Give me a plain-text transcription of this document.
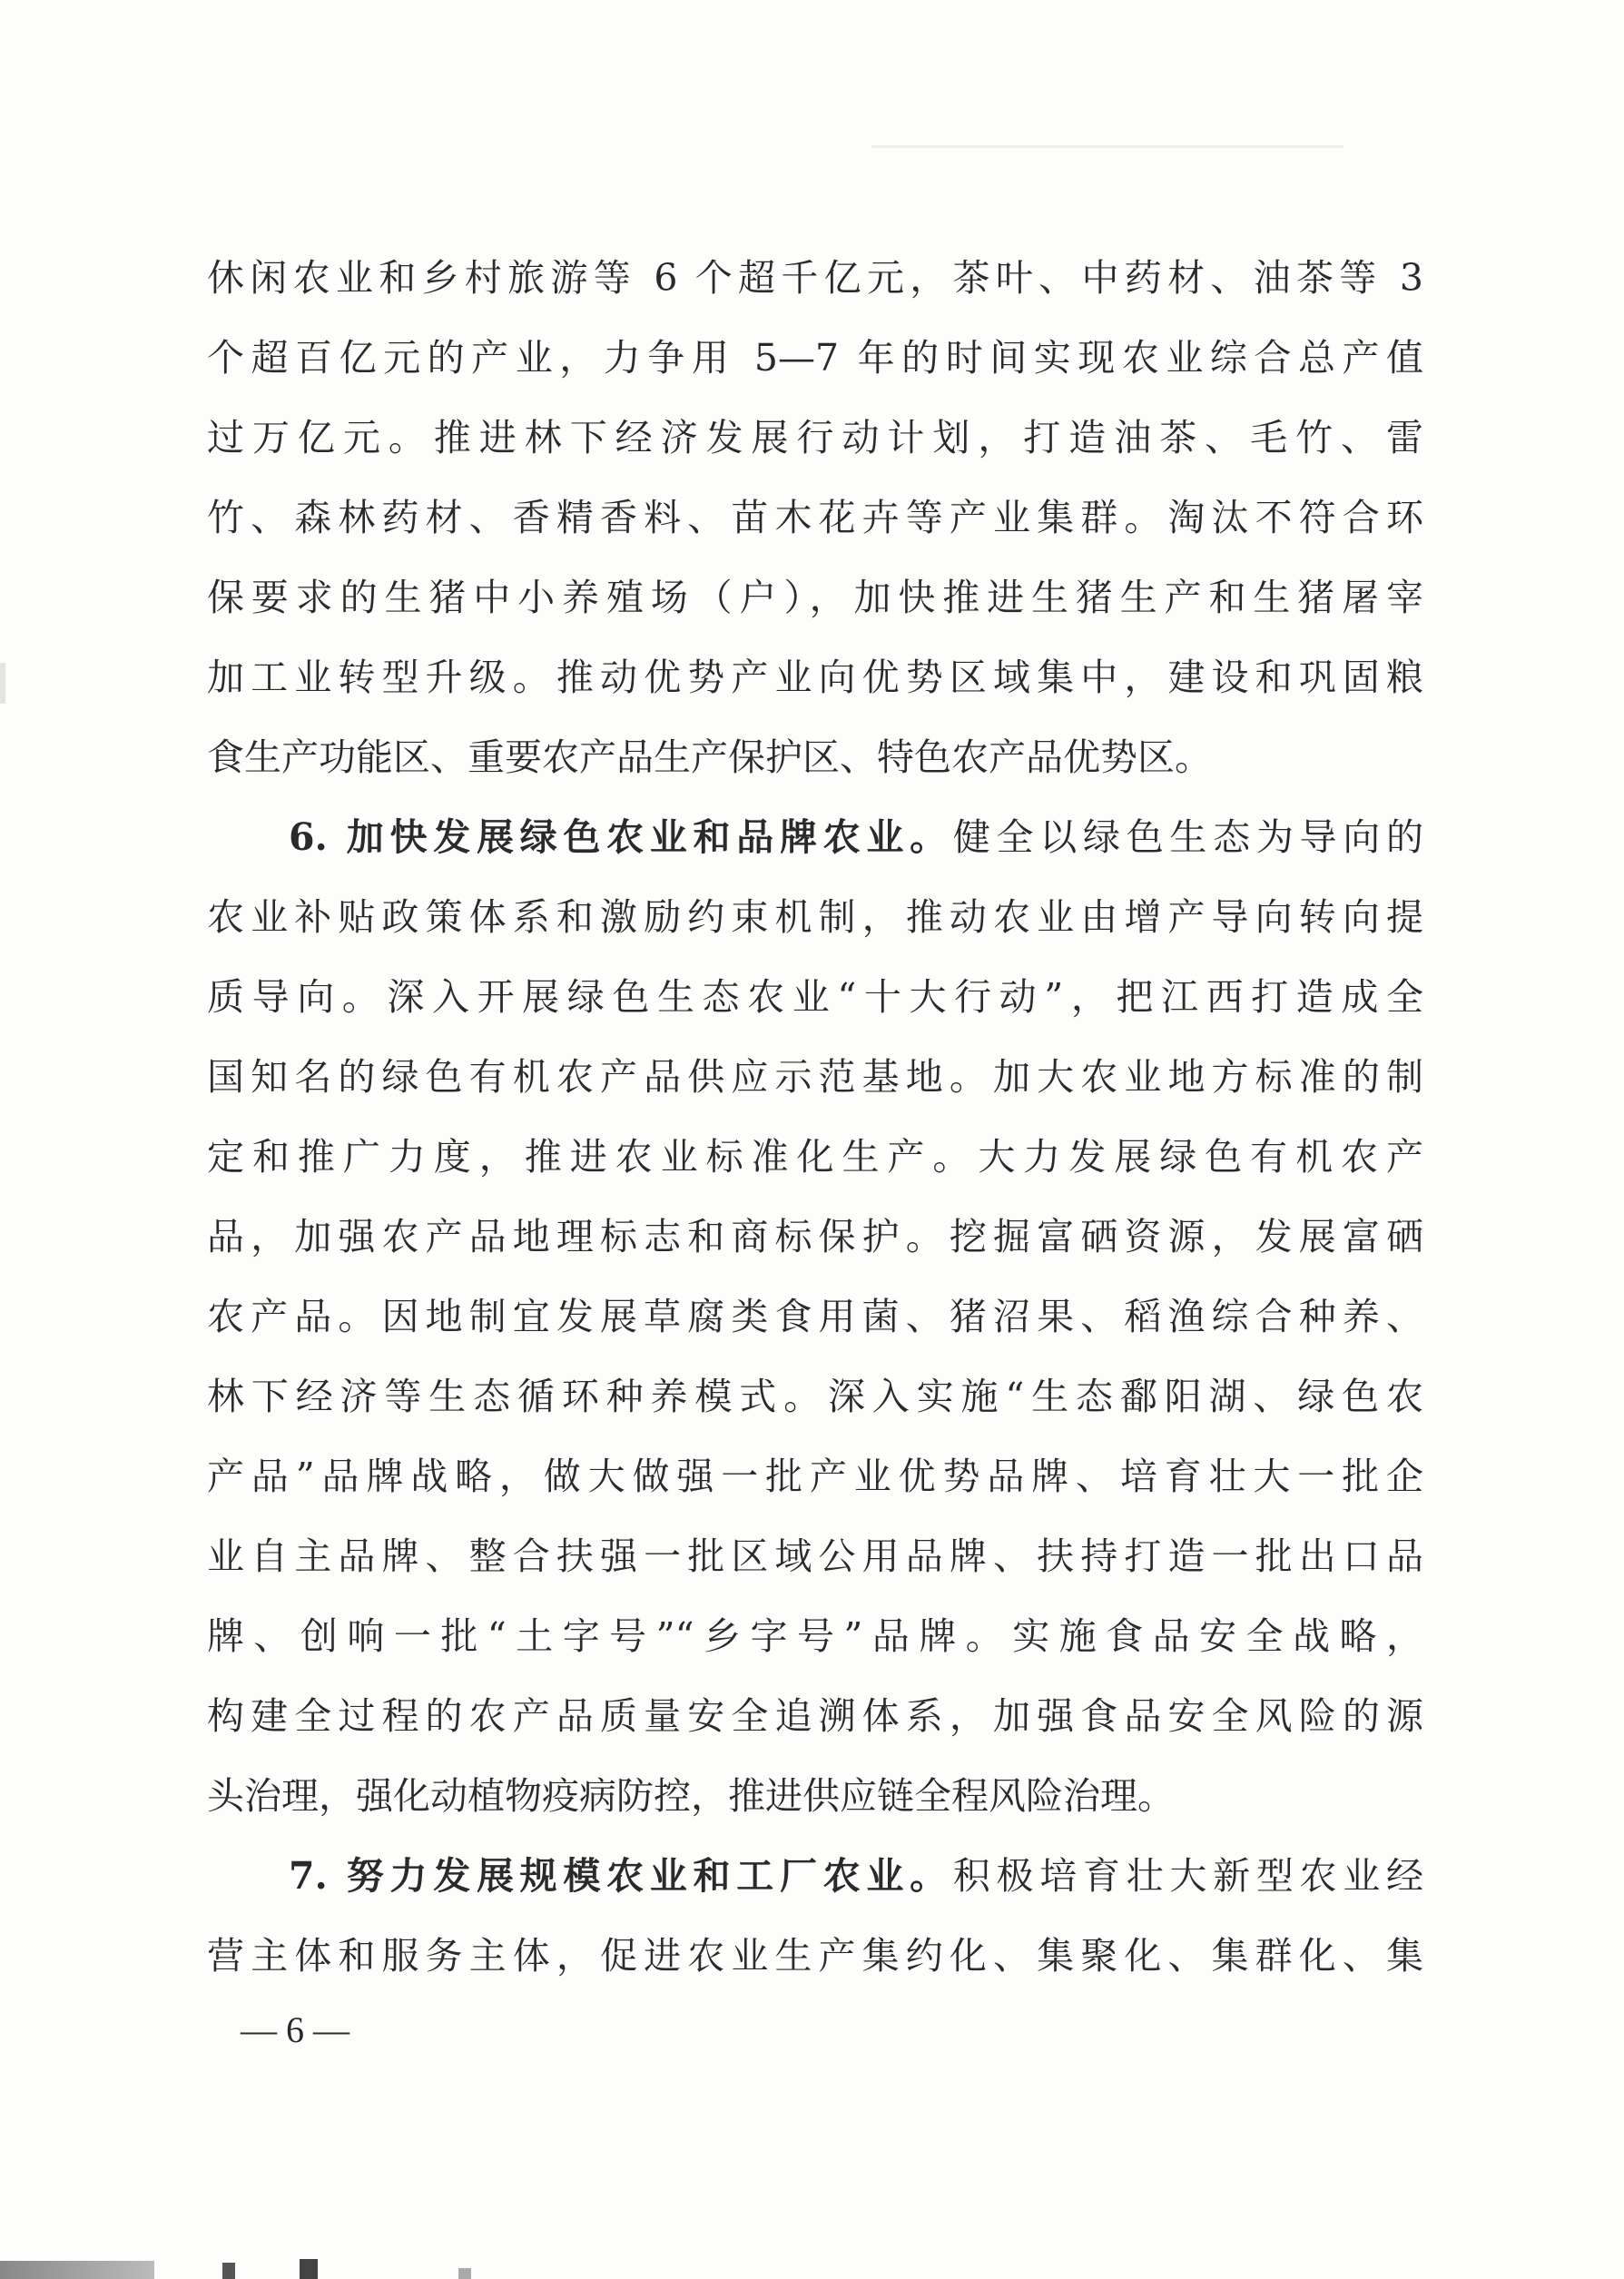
休闲农业和乡村旅游等 6 个超千亿元，茶叶、中药材、油茶等 3
个超百亿元的产业，力争用 5—7 年的时间实现农业综合总产值
过万亿元。推进林下经济发展行动计划，打造油茶、毛竹、雷
竹、森林药材、香精香料、苗木花卉等产业集群。淘汰不符合环
保要求的生猪中小养殖场（户），加快推进生猪生产和生猪屠宰
加工业转型升级。推动优势产业向优势区域集中，建设和巩固粮
食生产功能区、重要农产品生产保护区、特色农产品优势区。
6. 加快发展绿色农业和品牌农业。健全以绿色生态为导向的
农业补贴政策体系和激励约束机制，推动农业由增产导向转向提
质导向。深入开展绿色生态农业“十大行动”，把江西打造成全
国知名的绿色有机农产品供应示范基地。加大农业地方标准的制
定和推广力度，推进农业标准化生产。大力发展绿色有机农产
品，加强农产品地理标志和商标保护。挖掘富硒资源，发展富硒
农产品。因地制宜发展草腐类食用菌、猪沼果、稻渔综合种养、
林下经济等生态循环种养模式。深入实施“生态鄱阳湖、绿色农
产品”品牌战略，做大做强一批产业优势品牌、培育壮大一批企
业自主品牌、整合扶强一批区域公用品牌、扶持打造一批出口品
牌、创响一批“土字号”“乡字号”品牌。实施食品安全战略，
构建全过程的农产品质量安全追溯体系，加强食品安全风险的源
头治理，强化动植物疫病防控，推进供应链全程风险治理。
7. 努力发展规模农业和工厂农业。积极培育壮大新型农业经
营主体和服务主体，促进农业生产集约化、集聚化、集群化、集
— 6 —
